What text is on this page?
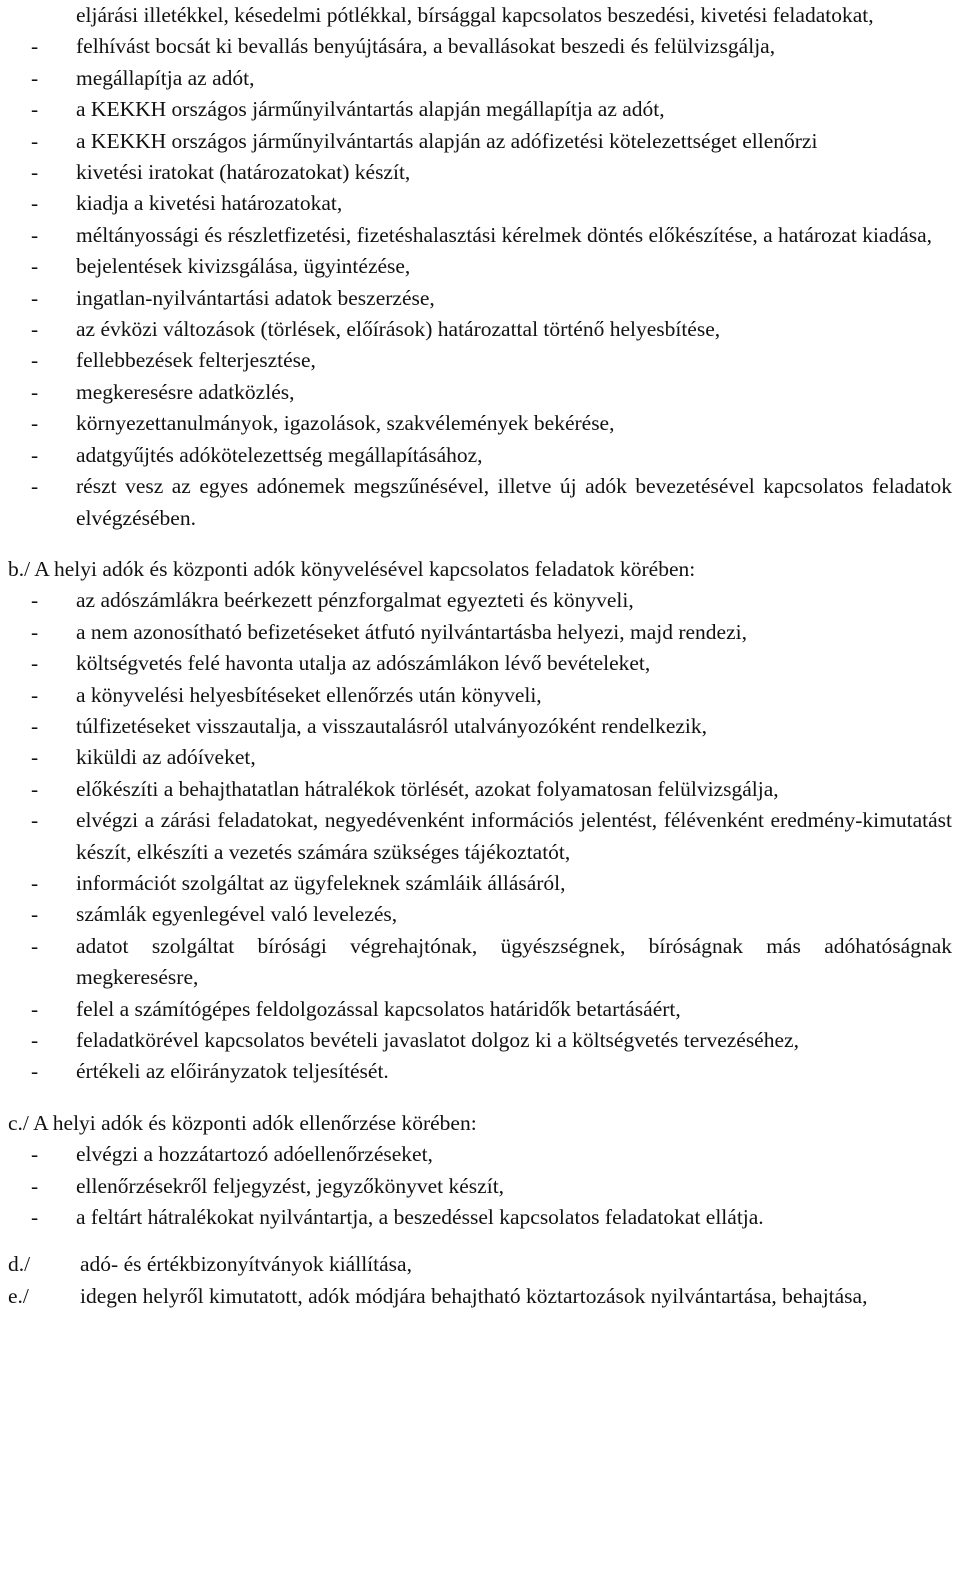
eljárási illetékkel, késedelmi pótlékkal, bírsággal kapcsolatos beszedési, kivetési feladatokat,

- felhívást bocsát ki bevallás benyújtására, a bevallásokat beszedi és felülvizsgálja,
- megállapítja az adót,
- a KEKKH országos járműnyilvántartás alapján megállapítja az adót,
- a KEKKH országos járműnyilvántartás alapján az adófizetési kötelezettséget ellenőrzi
- kivetési iratokat (határozatokat) készít,
- kiadja a kivetési határozatokat,
- méltányossági és részletfizetési, fizetéshalasztási kérelmek döntés előkészítése, a határozat kiadása,
- bejelentések kivizsgálása, ügyintézése,
- ingatlan-nyilvántartási adatok beszerzése,
- az évközi változások (törlések, előírások) határozattal történő helyesbítése,
- fellebbezések felterjesztése,
- megkeresésre adatközlés,
- környezettanulmányok, igazolások, szakvélemények bekérése,
- adatgyűjtés adókötelezettség megállapításához,
- részt vesz az egyes adónemek megszűnésével, illetve új adók bevezetésével kapcsolatos feladatok elvégzésében.
b./ A helyi adók és központi adók könyvelésével kapcsolatos feladatok körében:
- az adószámlákra beérkezett pénzforgalmat egyezteti és könyveli,
- a nem azonosítható befizetéseket átfutó nyilvántartásba helyezi, majd rendezi,
- költségvetés felé havonta utalja az adószámlákon lévő bevételeket,
- a könyvelési helyesbítéseket ellenőrzés után könyveli,
- túlfizetéseket visszautalja, a visszautalásról utalványozóként rendelkezik,
- kiküldi az adóíveket,
- előkészíti a behajthatatlan hátralékok törlését, azokat folyamatosan felülvizsgálja,
- elvégzi a zárási feladatokat, negyedévenként információs jelentést, félévenként eredmény-kimutatást készít, elkészíti a vezetés számára szükséges tájékoztatót,
- információt szolgáltat az ügyfeleknek számláik állásáról,
- számlák egyenlegével való levelezés,
- adatot szolgáltat bírósági végrehajtónak, ügyészségnek, bíróságnak más adóhatóságnak megkeresésre,
- felel a számítógépes feldolgozással kapcsolatos határidők betartásáért,
- feladatkörével kapcsolatos bevételi javaslatot dolgoz ki a költségvetés tervezéséhez,
- értékeli az előirányzatok teljesítését.
c./ A helyi adók és központi adók ellenőrzése körében:
- elvégzi a hozzátartozó adóellenőrzéseket,
- ellenőrzésekről feljegyzést, jegyzőkönyvet készít,
- a feltárt hátralékokat nyilvántartja, a beszedéssel kapcsolatos feladatokat ellátja.
d./ adó- és értékbizonyítványok kiállítása,
e./ idegen helyről kimutatott, adók módjára behajtható köztartozások nyilvántartása, behajtása,
